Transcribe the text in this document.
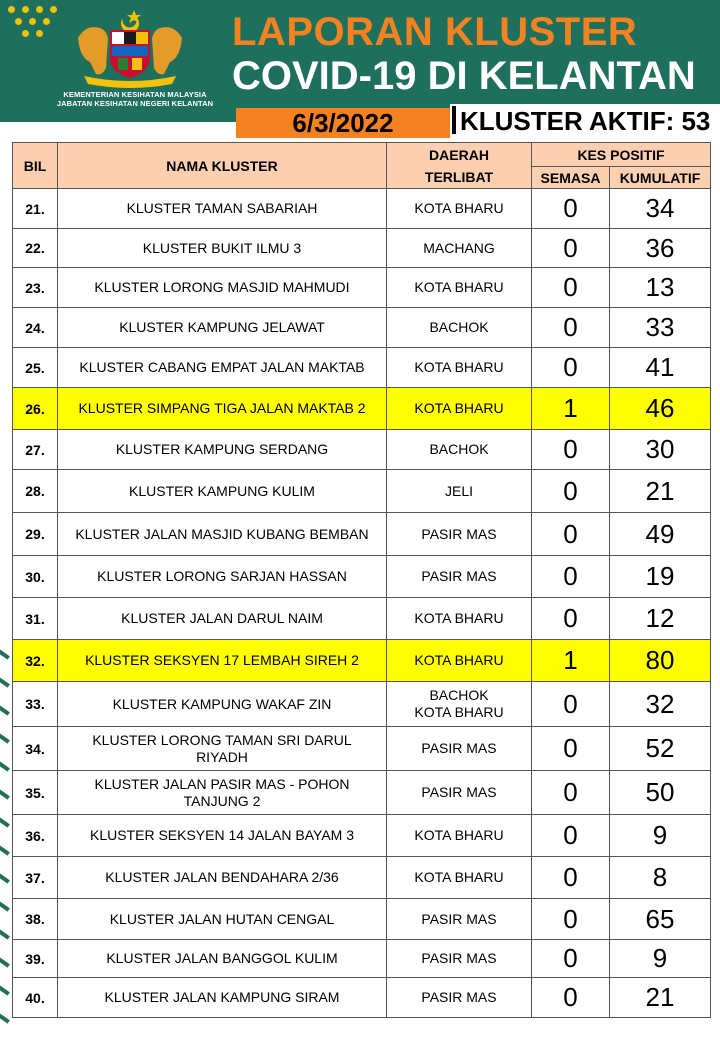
KEMENTERIAN KESIHATAN MALAYSIA
JABATAN KESIHATAN NEGERI KELANTAN
LAPORAN KLUSTER
COVID-19 DI KELANTAN
6/3/2022	KLUSTER AKTIF: 53
BIL	NAMA KLUSTER	DAERAH
TERLIBAT	KES POSITIF	
			SEMASA	KUMULATIF
21.	KLUSTER TAMAN SABARIAH	KOTA BHARU	0	34
22.	KLUSTER BUKIT ILMU 3	MACHANG	0	36
23.	KLUSTER LORONG MASJID MAHMUDI	KOTA BHARU	0	13
24.	KLUSTER KAMPUNG JELAWAT	BACHOK	0	33
25.	KLUSTER CABANG EMPAT JALAN MAKTAB	KOTA BHARU	0	41
26.	KLUSTER SIMPANG TIGA JALAN MAKTAB 2	KOTA BHARU	1	46
27.	KLUSTER KAMPUNG SERDANG	BACHOK	0	30
28.	KLUSTER KAMPUNG KULIM	JELI	0	21
29.	KLUSTER JALAN MASJID KUBANG BEMBAN	PASIR MAS	0	49
30.	KLUSTER LORONG SARJAN HASSAN	PASIR MAS	0	19
31.	KLUSTER JALAN DARUL NAIM	KOTA BHARU	0	12
32.	KLUSTER SEKSYEN 17 LEMBAH SIREH 2	KOTA BHARU	1	80
33.	KLUSTER KAMPUNG WAKAF ZIN	BACHOK
KOTA BHARU	0	32
34.	KLUSTER LORONG TAMAN SRI DARUL
RIYADH	PASIR MAS	0	52
35.	KLUSTER JALAN PASIR MAS - POHON
TANJUNG 2	PASIR MAS	0	50
36.	KLUSTER SEKSYEN 14 JALAN BAYAM 3	KOTA BHARU	0	9
37.	KLUSTER JALAN BENDAHARA 2/36	KOTA BHARU	0	8
38.	KLUSTER JALAN HUTAN CENGAL	PASIR MAS	0	65
39.	KLUSTER JALAN BANGGOL KULIM	PASIR MAS	0	9
40.	KLUSTER JALAN KAMPUNG SIRAM	PASIR MAS	0	21
